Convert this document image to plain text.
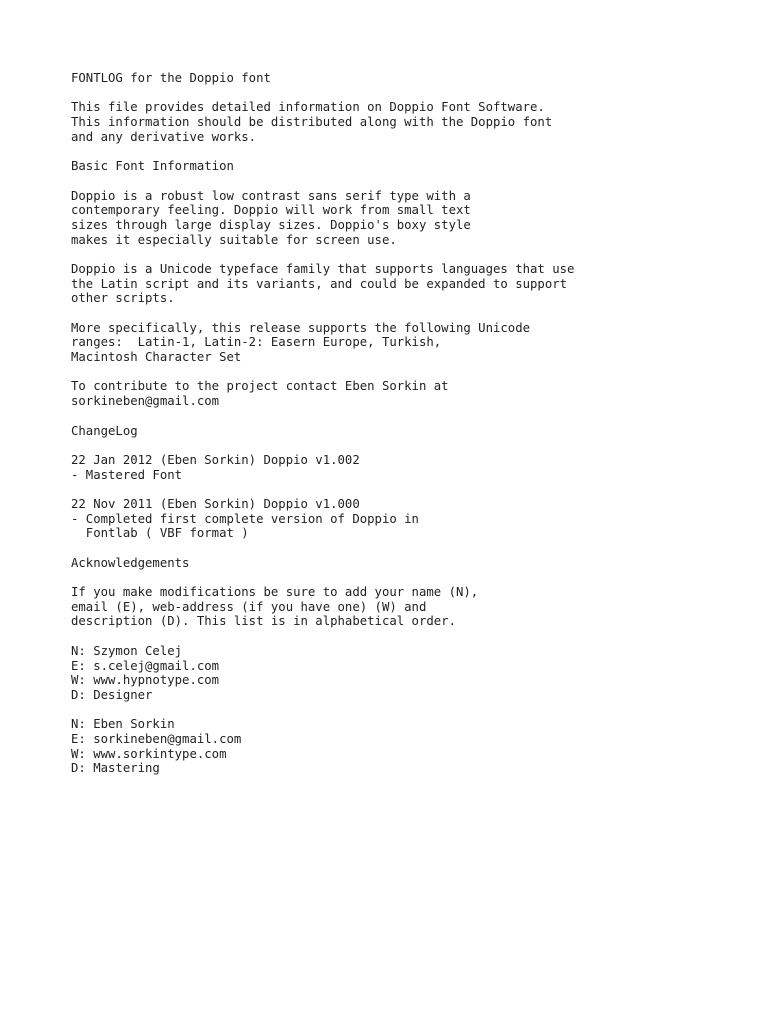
FONTLOG for the Doppio font
This file provides detailed information on Doppio Font Software.
This information should be distributed along with the Doppio font
and any derivative works.
Basic Font Information
Doppio is a robust low contrast sans serif type with a
contemporary feeling. Doppio will work from small text
sizes through large display sizes. Doppio's boxy style
makes it especially suitable for screen use.
Doppio is a Unicode typeface family that supports languages that use
the Latin script and its variants, and could be expanded to support
other scripts.
More specifically, this release supports the following Unicode
ranges:  Latin-1, Latin-2: Easern Europe, Turkish,
Macintosh Character Set
To contribute to the project contact Eben Sorkin at
sorkineben@gmail.com
ChangeLog
22 Jan 2012 (Eben Sorkin) Doppio v1.002
- Mastered Font
22 Nov 2011 (Eben Sorkin) Doppio v1.000
- Completed first complete version of Doppio in
Fontlab ( VBF format )
Acknowledgements
If you make modifications be sure to add your name (N),
email (E), web-address (if you have one) (W) and
description (D). This list is in alphabetical order.
N: Szymon Celej
E: s.celej@gmail.com
W: www.hypnotype.com
D: Designer
N: Eben Sorkin
E: sorkineben@gmail.com
W: www.sorkintype.com
D: Mastering
